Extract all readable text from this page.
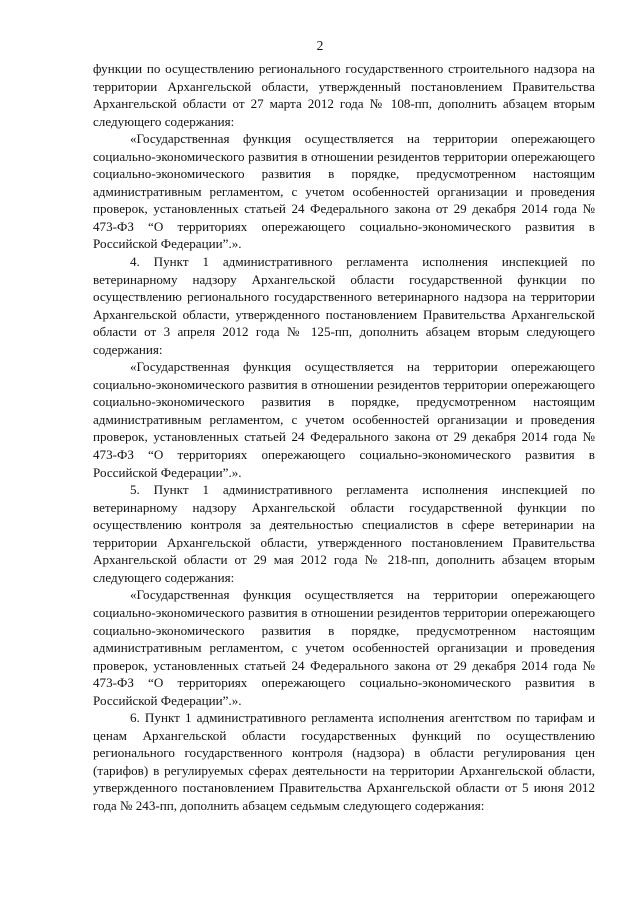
2

функции по осуществлению регионального государственного строительного надзора на территории Архангельской области, утвержденный постановлением Правительства Архангельской области от 27 марта 2012 года № 108-пп, дополнить абзацем вторым следующего содержания:

«Государственная функция осуществляется на территории опережающего социально-экономического развития в отношении резидентов территории опережающего социально-экономического развития в порядке, предусмотренном настоящим административным регламентом, с учетом особенностей организации и проведения проверок, установленных статьей 24 Федерального закона от 29 декабря 2014 года № 473-ФЗ “О территориях опережающего социально-экономического развития в Российской Федерации”.».

4. Пункт 1 административного регламента исполнения инспекцией по ветеринарному надзору Архангельской области государственной функции по осуществлению регионального государственного ветеринарного надзора на территории Архангельской области, утвержденного постановлением Правительства Архангельской области от 3 апреля 2012 года № 125-пп, дополнить абзацем вторым следующего содержания:

«Государственная функция осуществляется на территории опережающего социально-экономического развития в отношении резидентов территории опережающего социально-экономического развития в порядке, предусмотренном настоящим административным регламентом, с учетом особенностей организации и проведения проверок, установленных статьей 24 Федерального закона от 29 декабря 2014 года № 473-ФЗ “О территориях опережающего социально-экономического развития в Российской Федерации”.».

5. Пункт 1 административного регламента исполнения инспекцией по ветеринарному надзору Архангельской области государственной функции по осуществлению контроля за деятельностью специалистов в сфере ветеринарии на территории Архангельской области, утвержденного постановлением Правительства Архангельской области от 29 мая 2012 года № 218-пп, дополнить абзацем вторым следующего содержания:

«Государственная функция осуществляется на территории опережающего социально-экономического развития в отношении резидентов территории опережающего социально-экономического развития в порядке, предусмотренном настоящим административным регламентом, с учетом особенностей организации и проведения проверок, установленных статьей 24 Федерального закона от 29 декабря 2014 года № 473-ФЗ “О территориях опережающего социально-экономического развития в Российской Федерации”.».

6. Пункт 1 административного регламента исполнения агентством по тарифам и ценам Архангельской области государственных функций по осуществлению регионального государственного контроля (надзора) в области регулирования цен (тарифов) в регулируемых сферах деятельности на территории Архангельской области, утвержденного постановлением Правительства Архангельской области от 5 июня 2012 года № 243-пп, дополнить абзацем седьмым следующего содержания:
